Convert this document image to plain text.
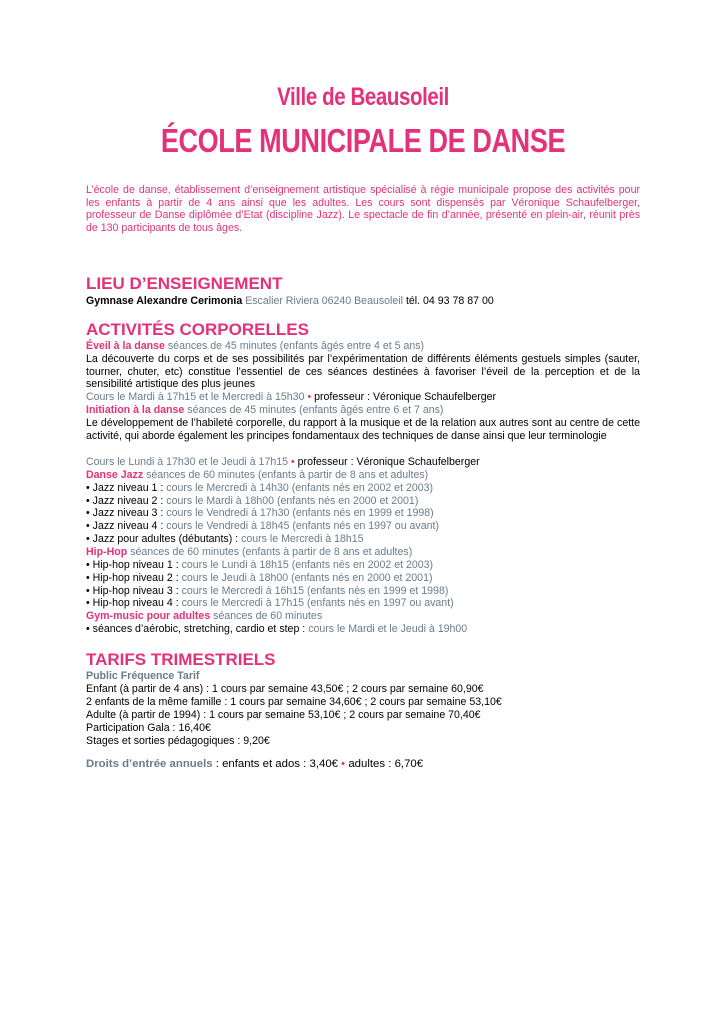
Ville de Beausoleil
ÉCOLE MUNICIPALE DE DANSE
L’école de danse, établissement d’enseignement artistique spécialisé à régie municipale propose des activités pour les enfants à partir de 4 ans ainsi que les adultes. Les cours sont dispensés par Véronique Schaufelberger, professeur de Danse diplômée d’Etat (discipline Jazz). Le spectacle de fin d’année, présenté en plein-air, réunit près de 130 participants de tous âges.
LIEU D’ENSEIGNEMENT
Gymnase Alexandre Cerimonia Escalier Riviera 06240 Beausoleil tél. 04 93 78 87 00
ACTIVITÉS CORPORELLES
Éveil à la danse séances de 45 minutes (enfants âgés entre 4 et 5 ans)
La découverte du corps et de ses possibilités par l’expérimentation de différents éléments gestuels simples (sauter, tourner, chuter, etc) constitue l’essentiel de ces séances destinées à favoriser l’éveil de la perception et de la sensibilité artistique des plus jeunes
Cours le Mardi à 17h15 et le Mercredi à 15h30 • professeur : Véronique Schaufelberger
Initiation à la danse séances de 45 minutes (enfants âgés entre 6 et 7 ans)
Le développement de l’habileté corporelle, du rapport à la musique et de la relation aux autres sont au centre de cette activité, qui aborde également les principes fondamentaux des techniques de danse ainsi que leur terminologie
Cours le Lundi à 17h30 et le Jeudi à 17h15 • professeur : Véronique Schaufelberger
Danse Jazz séances de 60 minutes (enfants à partir de 8 ans et adultes)
• Jazz niveau 1 : cours le Mercredi à 14h30 (enfants nés en 2002 et 2003)
• Jazz niveau 2 : cours le Mardi à 18h00 (enfants nés en 2000 et 2001)
• Jazz niveau 3 : cours le Vendredi à 17h30 (enfants nés en 1999 et 1998)
• Jazz niveau 4 : cours le Vendredi à 18h45 (enfants nés en 1997 ou avant)
• Jazz pour adultes (débutants) : cours le Mercredi à 18h15
Hip-Hop séances de 60 minutes (enfants à partir de 8 ans et adultes)
• Hip-hop niveau 1 : cours le Lundi à 18h15 (enfants nés en 2002 et 2003)
• Hip-hop niveau 2 : cours le Jeudi à 18h00 (enfants nés en 2000 et 2001)
• Hip-hop niveau 3 : cours le Mercredi à 16h15 (enfants nés en 1999 et 1998)
• Hip-hop niveau 4 : cours le Mercredi à 17h15 (enfants nés en 1997 ou avant)
Gym-music pour adultes séances de 60 minutes
• séances d’aérobic, stretching, cardio et step : cours le Mardi et le Jeudi à 19h00
TARIFS TRIMESTRIELS
Public Fréquence Tarif
Enfant (à partir de 4 ans) : 1 cours par semaine 43,50€ ; 2 cours par semaine 60,90€
2 enfants de la même famille : 1 cours par semaine 34,60€ ; 2 cours par semaine 53,10€
Adulte (à partir de 1994) : 1 cours par semaine 53,10€ ; 2 cours par semaine 70,40€
Participation Gala : 16,40€
Stages et sorties pédagogiques : 9,20€
Droits d’entrée annuels : enfants et ados : 3,40€ • adultes : 6,70€
